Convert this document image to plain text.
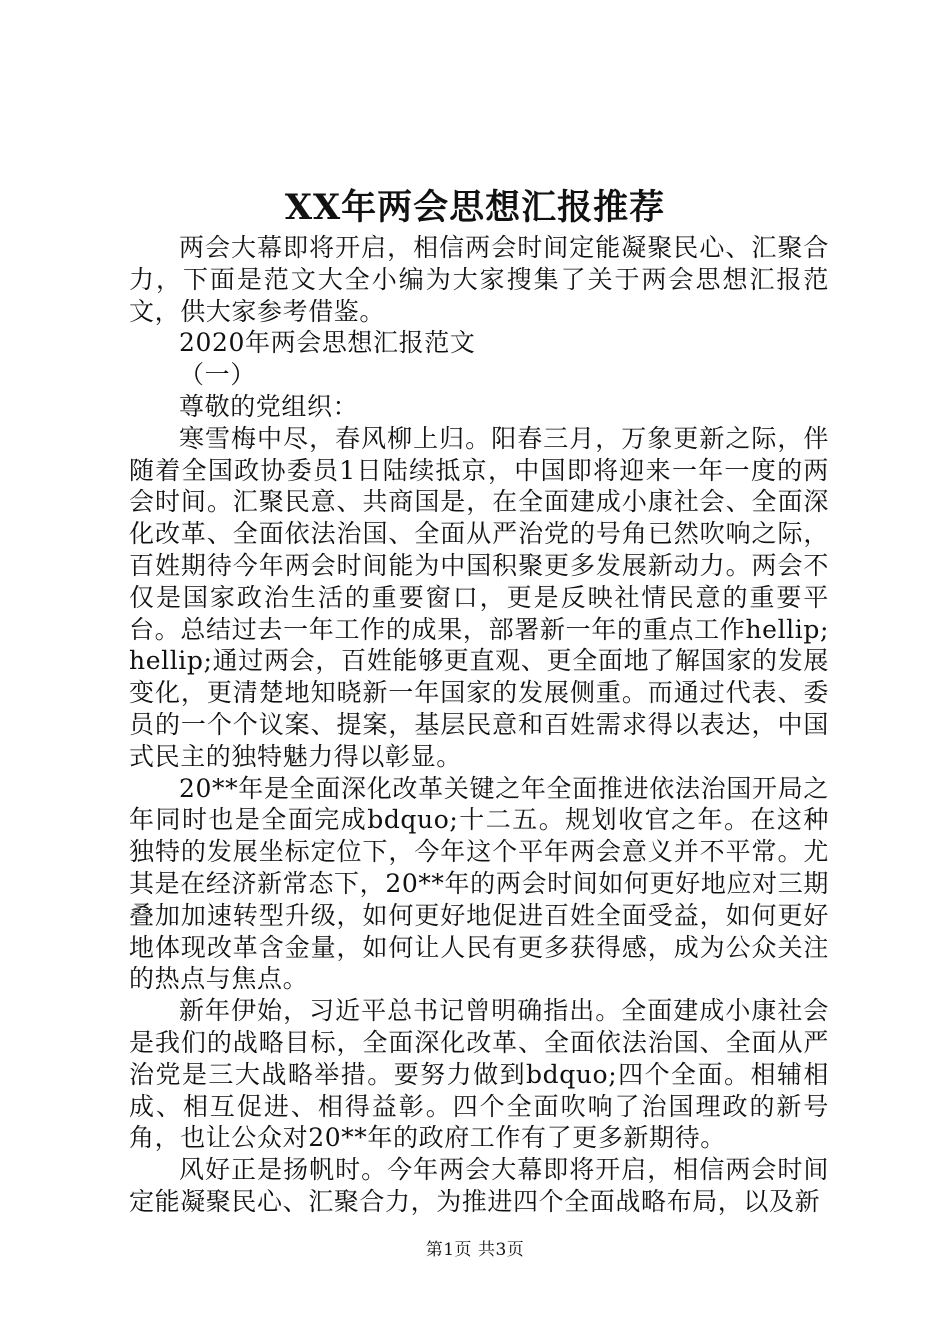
XX年两会思想汇报推荐

两会大幕即将开启，相信两会时间定能凝聚民心、汇聚合力，下面是范文大全小编为大家搜集了关于两会思想汇报范文，供大家参考借鉴。

2020年两会思想汇报范文

（一）

尊敬的党组织：

寒雪梅中尽，春风柳上归。阳春三月，万象更新之际，伴随着全国政协委员1日陆续抵京，中国即将迎来一年一度的两会时间。汇聚民意、共商国是，在全面建成小康社会、全面深化改革、全面依法治国、全面从严治党的号角已然吹响之际，百姓期待今年两会时间能为中国积聚更多发展新动力。两会不仅是国家政治生活的重要窗口，更是反映社情民意的重要平台。总结过去一年工作的成果，部署新一年的重点工作hellip;hellip;通过两会，百姓能够更直观、更全面地了解国家的发展变化，更清楚地知晓新一年国家的发展侧重。而通过代表、委员的一个个议案、提案，基层民意和百姓需求得以表达，中国式民主的独特魅力得以彰显。

20**年是全面深化改革关键之年全面推进依法治国开局之年同时也是全面完成bdquo;十二五。规划收官之年。在这种独特的发展坐标定位下，今年这个平年两会意义并不平常。尤其是在经济新常态下，20**年的两会时间如何更好地应对三期叠加加速转型升级，如何更好地促进百姓全面受益，如何更好地体现改革含金量，如何让人民有更多获得感，成为公众关注的热点与焦点。

新年伊始，习近平总书记曾明确指出。全面建成小康社会是我们的战略目标，全面深化改革、全面依法治国、全面从严治党是三大战略举措。要努力做到bdquo;四个全面。相辅相成、相互促进、相得益彰。四个全面吹响了治国理政的新号角，也让公众对20**年的政府工作有了更多新期待。

风好正是扬帆时。今年两会大幕即将开启，相信两会时间定能凝聚民心、汇聚合力，为推进四个全面战略布局，以及新

第1页 共3页
